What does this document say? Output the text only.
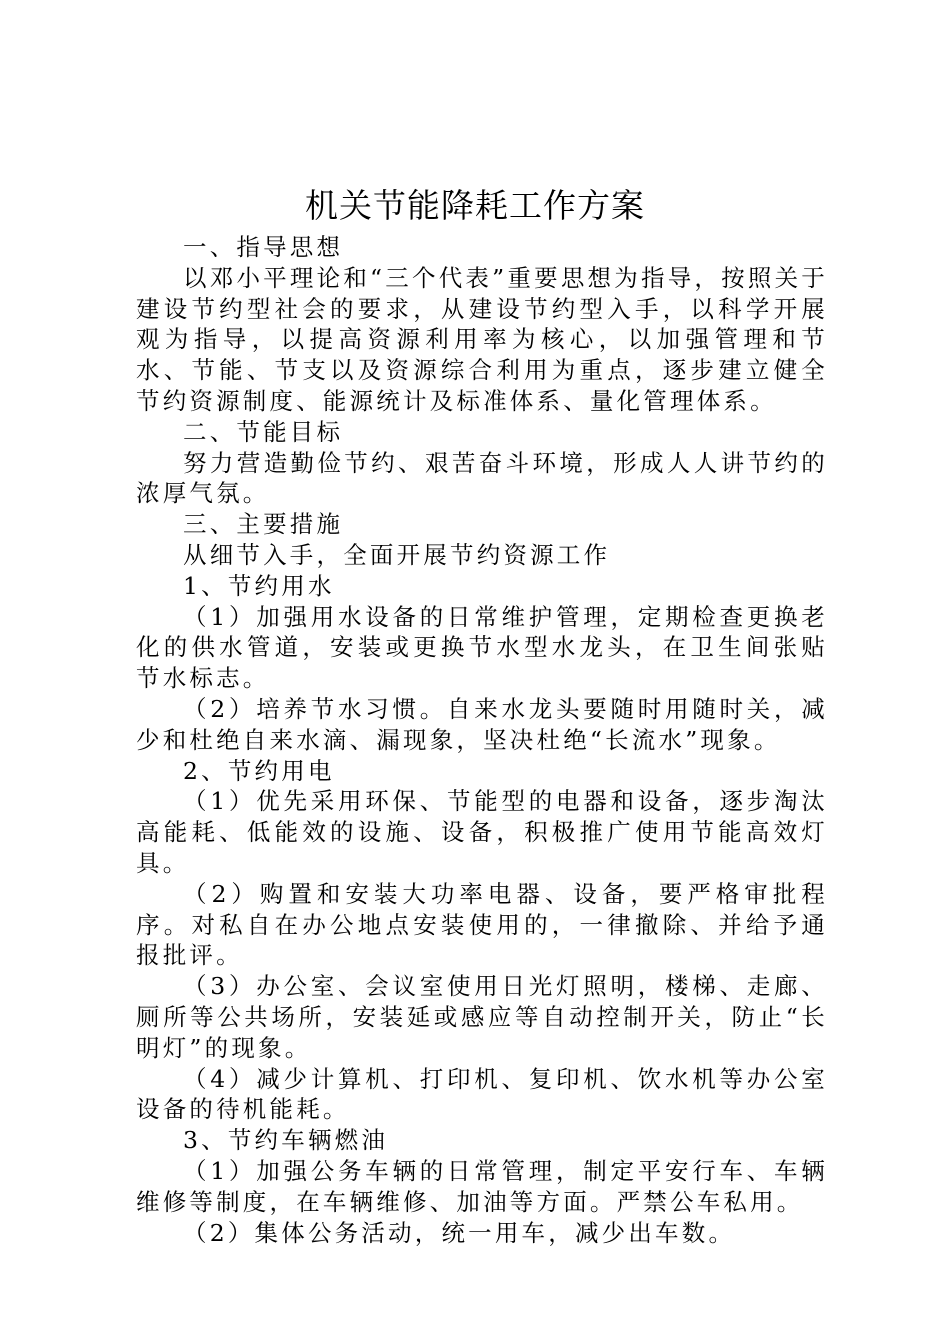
机关节能降耗工作方案

一、指导思想

以邓小平理论和“三个代表”重要思想为指导，按照关于建设节约型社会的要求，从建设节约型入手，以科学开展观为指导，以提高资源利用率为核心，以加强管理和节水、节能、节支以及资源综合利用为重点，逐步建立健全节约资源制度、能源统计及标准体系、量化管理体系。

二、节能目标

努力营造勤俭节约、艰苦奋斗环境，形成人人讲节约的浓厚气氛。

三、主要措施

从细节入手，全面开展节约资源工作

1、节约用水

（1）加强用水设备的日常维护管理，定期检查更换老化的供水管道，安装或更换节水型水龙头，在卫生间张贴节水标志。

（2）培养节水习惯。自来水龙头要随时用随时关，减少和杜绝自来水滴、漏现象，坚决杜绝“长流水”现象。

2、节约用电

（1）优先采用环保、节能型的电器和设备，逐步淘汰高能耗、低能效的设施、设备，积极推广使用节能高效灯具。

（2）购置和安装大功率电器、设备，要严格审批程序。对私自在办公地点安装使用的，一律撤除、并给予通报批评。

（3）办公室、会议室使用日光灯照明，楼梯、走廊、厕所等公共场所，安装延或感应等自动控制开关，防止“长明灯”的现象。

（4）减少计算机、打印机、复印机、饮水机等办公室设备的待机能耗。

3、节约车辆燃油

（1）加强公务车辆的日常管理，制定平安行车、车辆维修等制度，在车辆维修、加油等方面。严禁公车私用。

（2）集体公务活动，统一用车，减少出车数。
